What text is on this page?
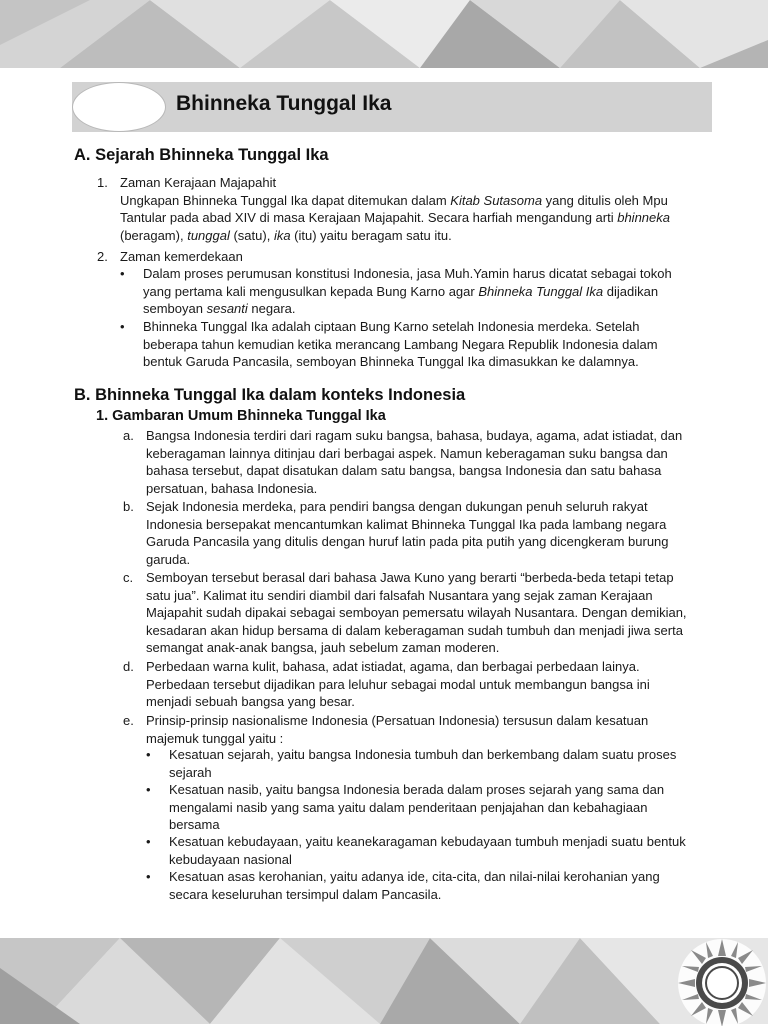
Bhinneka Tunggal Ika
A. Sejarah Bhinneka Tunggal Ika
1. Zaman Kerajaan Majapahit
Ungkapan Bhinneka Tunggal Ika dapat ditemukan dalam Kitab Sutasoma yang ditulis oleh Mpu
Tantular pada abad XIV di masa Kerajaan Majapahit. Secara harfiah mengandung arti bhinneka
(beragam), tunggal (satu), ika (itu) yaitu beragam satu itu.
2. Zaman kemerdekaan
• Dalam proses perumusan konstitusi Indonesia, jasa Muh.Yamin harus dicatat sebagai tokoh
yang pertama kali mengusulkan kepada Bung Karno agar Bhinneka Tunggal Ika dijadikan
semboyan sesanti negara.
• Bhinneka Tunggal Ika adalah ciptaan Bung Karno setelah Indonesia merdeka. Setelah
beberapa tahun kemudian ketika merancang Lambang Negara Republik Indonesia dalam
bentuk Garuda Pancasila, semboyan Bhinneka Tunggal Ika dimasukkan ke dalamnya.
B. Bhinneka Tunggal Ika dalam konteks Indonesia
1. Gambaran Umum Bhinneka Tunggal Ika
a. Bangsa Indonesia terdiri dari ragam suku bangsa, bahasa, budaya, agama, adat istiadat, dan
keberagaman lainnya ditinjau dari berbagai aspek. Namun keberagaman suku bangsa dan
bahasa tersebut, dapat disatukan dalam satu bangsa, bangsa Indonesia dan satu bahasa
persatuan, bahasa Indonesia.
b. Sejak Indonesia merdeka, para pendiri bangsa dengan dukungan penuh seluruh rakyat
Indonesia bersepakat mencantumkan kalimat Bhinneka Tunggal Ika pada lambang negara
Garuda Pancasila yang ditulis dengan huruf latin pada pita putih yang dicengkeram burung
garuda.
c. Semboyan tersebut berasal dari bahasa Jawa Kuno yang berarti “berbeda-beda tetapi tetap
satu jua”. Kalimat itu sendiri diambil dari falsafah Nusantara yang sejak zaman Kerajaan
Majapahit sudah dipakai sebagai semboyan pemersatu wilayah Nusantara. Dengan demikian,
kesadaran akan hidup bersama di dalam keberagaman sudah tumbuh dan menjadi jiwa serta
semangat anak-anak bangsa, jauh sebelum zaman moderen.
d. Perbedaan warna kulit, bahasa, adat istiadat, agama, dan berbagai perbedaan lainya.
Perbedaan tersebut dijadikan para leluhur sebagai modal untuk membangun bangsa ini
menjadi sebuah bangsa yang besar.
e. Prinsip-prinsip nasionalisme Indonesia (Persatuan Indonesia) tersusun dalam kesatuan
majemuk tunggal yaitu :
• Kesatuan sejarah, yaitu bangsa Indonesia tumbuh dan berkembang dalam suatu proses
sejarah
• Kesatuan nasib, yaitu bangsa Indonesia berada dalam proses sejarah yang sama dan
mengalami nasib yang sama yaitu dalam penderitaan penjajahan dan kebahagiaan
bersama
• Kesatuan kebudayaan, yaitu keanekaragaman kebudayaan tumbuh menjadi suatu bentuk
kebudayaan nasional
• Kesatuan asas kerohanian, yaitu adanya ide, cita-cita, dan nilai-nilai kerohanian yang
secara keseluruhan tersimpul dalam Pancasila.
